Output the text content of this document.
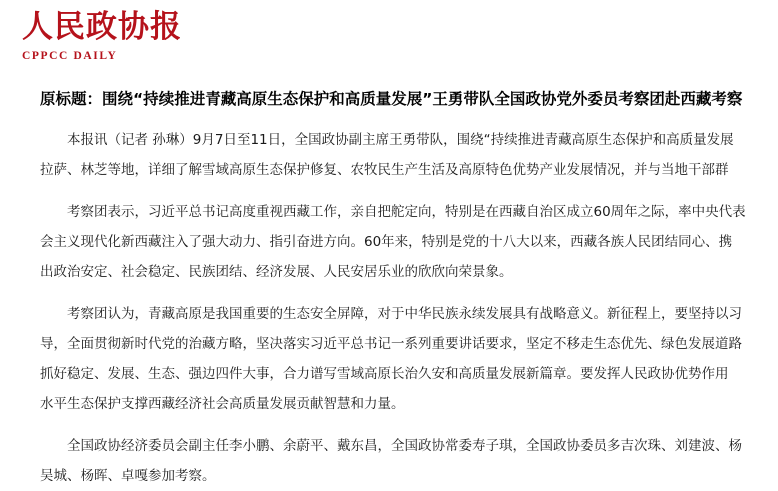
人民政协报
CPPCC DAILY
原标题：围绕“持续推进青藏高原生态保护和高质量发展”王勇带队全国政协党外委员考察团赴西藏考察

本报讯（记者 孙琳）9月7日至11日，全国政协副主席王勇带队，围绕“持续推进青藏高原生态保护和高质量发展

拉萨、林芝等地，详细了解雪域高原生态保护修复、农牧民生产生活及高原特色优势产业发展情况，并与当地干部群

考察团表示，习近平总书记高度重视西藏工作，亲自把舵定向，特别是在西藏自治区成立60周年之际，率中央代表

会主义现代化新西藏注入了强大动力、指引奋进方向。60年来，特别是党的十八大以来，西藏各族人民团结同心、携

出政治安定、社会稳定、民族团结、经济发展、人民安居乐业的欣欣向荣景象。

考察团认为，青藏高原是我国重要的生态安全屏障，对于中华民族永续发展具有战略意义。新征程上，要坚持以习

导，全面贯彻新时代党的治藏方略，坚决落实习近平总书记一系列重要讲话要求，坚定不移走生态优先、绿色发展道路

抓好稳定、发展、生态、强边四件大事，合力谱写雪域高原长治久安和高质量发展新篇章。要发挥人民政协优势作用

水平生态保护支撑西藏经济社会高质量发展贡献智慧和力量。

全国政协经济委员会副主任李小鹏、余蔚平、戴东昌，全国政协常委寿子琪，全国政协委员多吉次珠、刘建波、杨

吴城、杨晖、卓嘎参加考察。
